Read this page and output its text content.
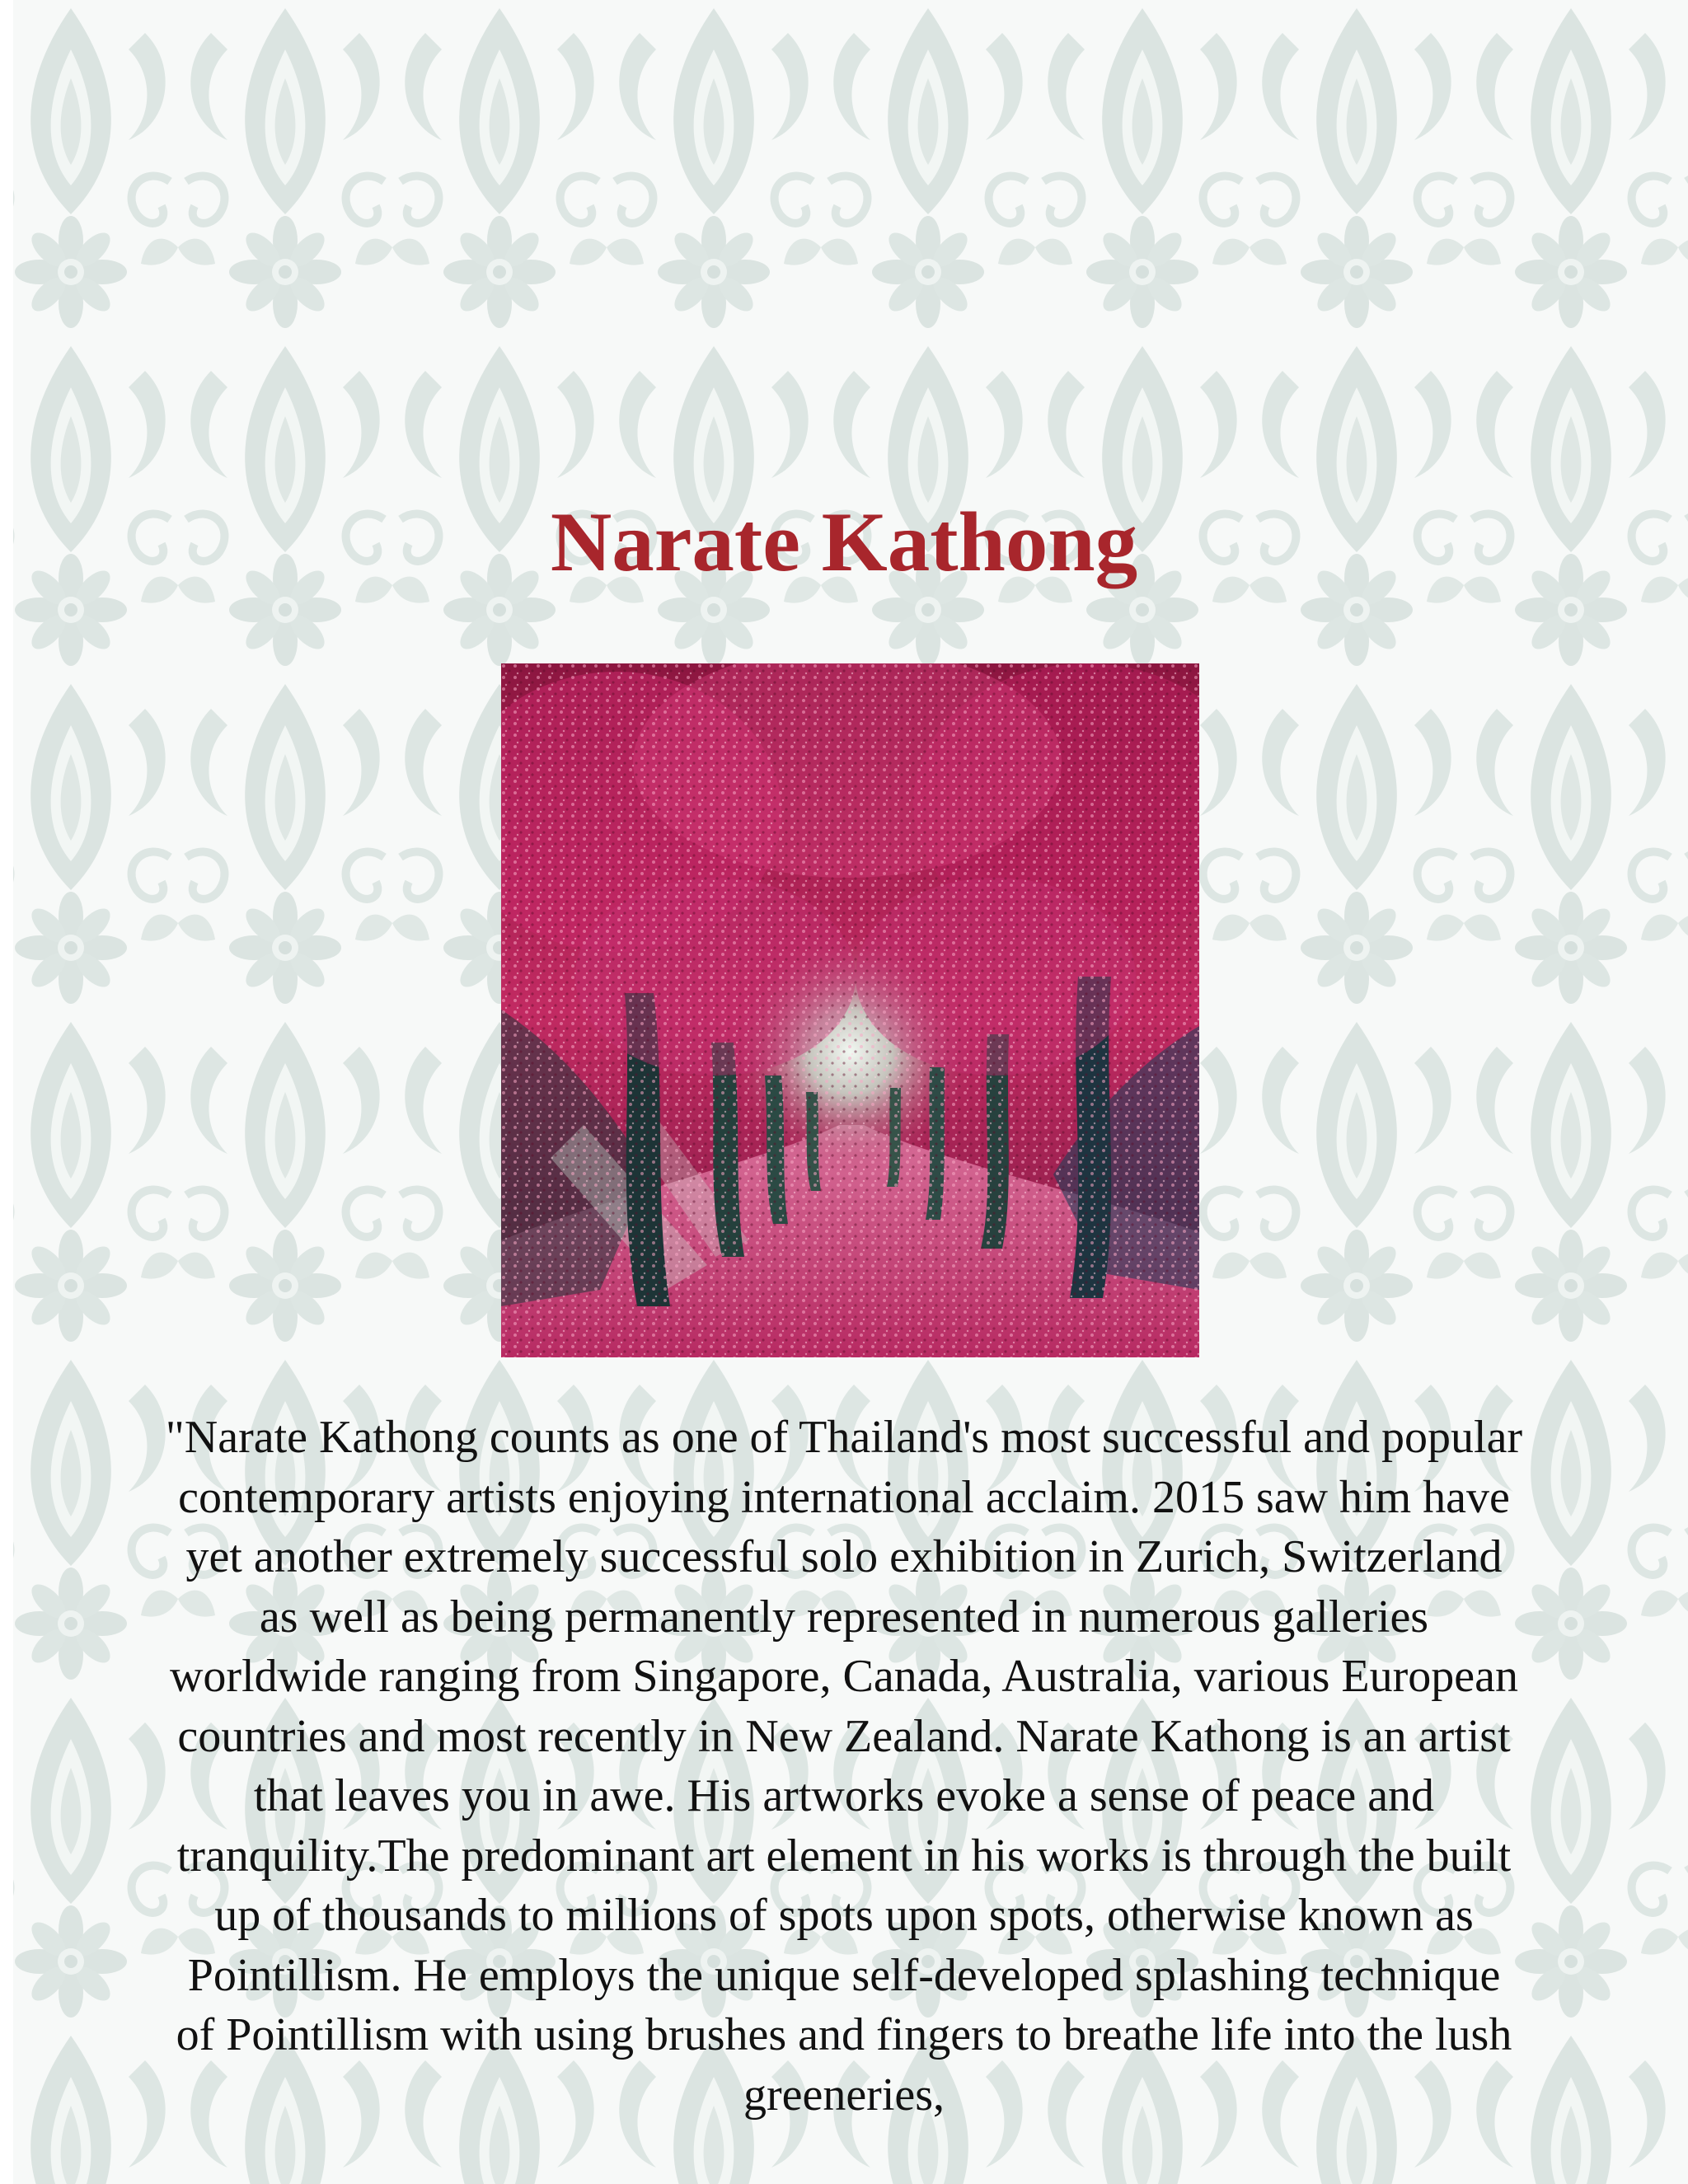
Narate Kathong

"Narate Kathong counts as one of Thailand's most successful and popular contemporary artists enjoying international acclaim. 2015 saw him have yet another extremely successful solo exhibition in Zurich, Switzerland as well as being permanently represented in numerous galleries worldwide ranging from Singapore, Canada, Australia, various European countries and most recently in New Zealand. Narate Kathong is an artist that leaves you in awe. His artworks evoke a sense of peace and tranquility.The predominant art element in his works is through the built up of thousands to millions of spots upon spots, otherwise known as Pointillism. He employs the unique self-developed splashing technique of Pointillism with using brushes and fingers to breathe life into the lush greeneries,
